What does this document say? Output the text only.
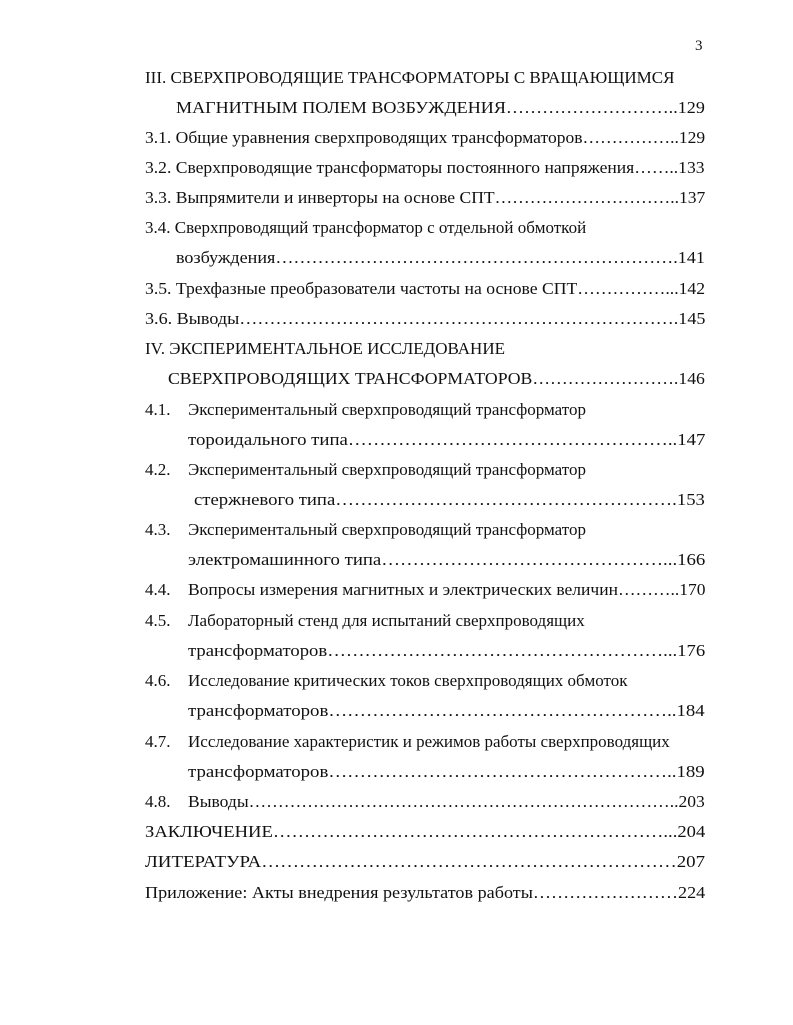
3
III. СВЕРХПРОВОДЯЩИЕ ТРАНСФОРМАТОРЫ С ВРАЩАЮЩИМСЯ
МАГНИТНЫМ ПОЛЕМ ВОЗБУЖДЕНИЯ………………………..129
3.1. Общие уравнения сверхпроводящих трансформаторов……………..129
3.2. Сверхпроводящие трансформаторы постоянного напряжения……..133
3.3. Выпрямители и инверторы на основе СПТ…………………………..137
3.4. Сверхпроводящий трансформатор с отдельной обмоткой
возбуждения………………………………………………………….141
3.5. Трехфазные преобразователи частоты на основе СПТ……………...142
3.6. Выводы……………………………………………………………….145
IV. ЭКСПЕРИМЕНТАЛЬНОЕ ИССЛЕДОВАНИЕ
СВЕРХПРОВОДЯЩИХ ТРАНСФОРМАТОРОВ…………………….146
4.1. Экспериментальный сверхпроводящий трансформатор
тороидального типа……………………………………………..147
4.2. Экспериментальный сверхпроводящий трансформатор
стержневого типа……………………………………………….153
4.3. Экспериментальный сверхпроводящий трансформатор
электромашинного типа………………………………………...166
4.4. Вопросы измерения магнитных и электрических величин………..170
4.5. Лабораторный стенд для испытаний сверхпроводящих
трансформаторов………………………………………………...176
4.6. Исследование критических токов сверхпроводящих обмоток
трансформаторов………………………………………………..184
4.7. Исследование характеристик и режимов работы сверхпроводящих
трансформаторов………………………………………………..189
4.8. Выводы………………………………………………………………..203
ЗАКЛЮЧЕНИЕ………………………………………………………...204
ЛИТЕРАТУРА…………………………………………………………207
Приложение: Акты внедрения результатов работы……………………224
